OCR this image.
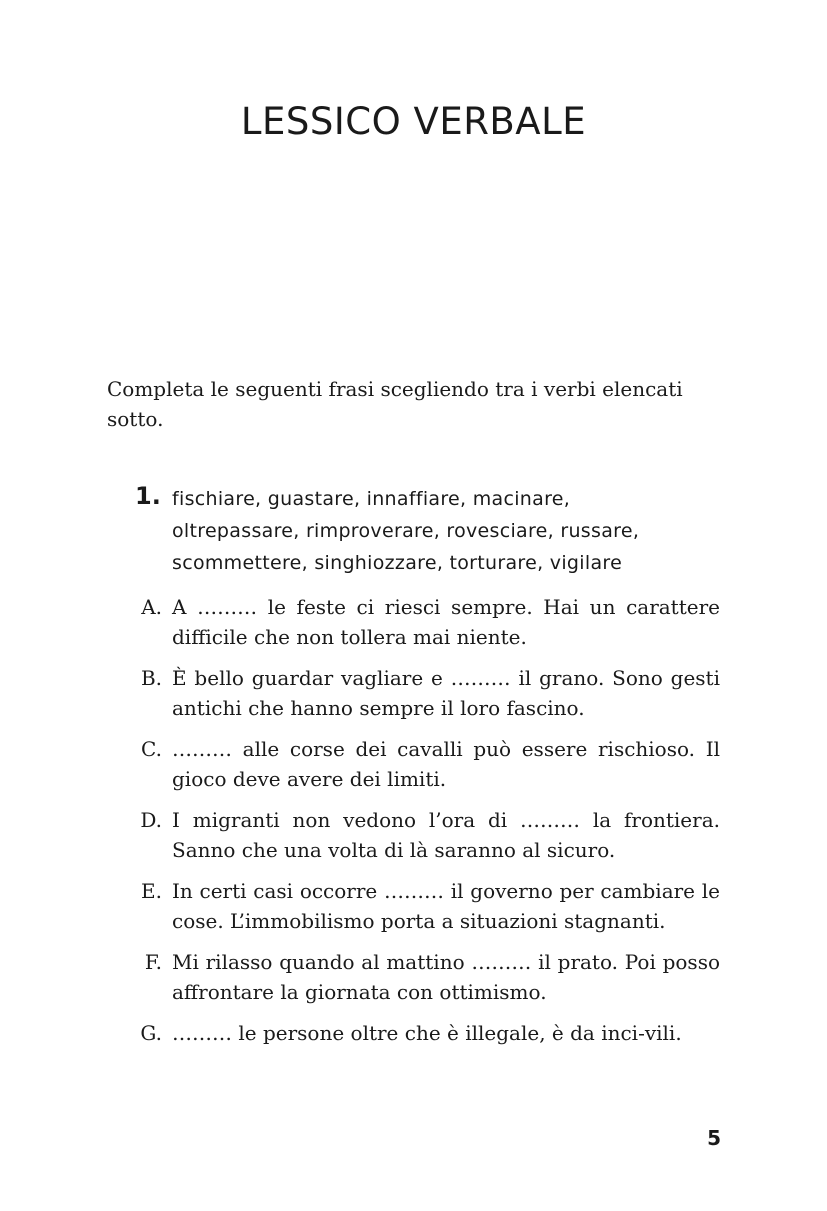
LESSICO VERBALE

Completa le seguenti frasi scegliendo tra i verbi elencati sotto.

1. fischiare, guastare, innaffiare, macinare, oltrepassare, rimproverare, rovesciare, russare, scommettere, singhiozzare, torturare, vigilare

A. A ……… le feste ci riesci sempre. Hai un carattere difficile che non tollera mai niente.
B. È bello guardar vagliare e ……… il grano. Sono gesti antichi che hanno sempre il loro fascino.
C. ……… alle corse dei cavalli può essere rischioso. Il gioco deve avere dei limiti.
D. I migranti non vedono l’ora di ……… la frontiera. Sanno che una volta di là saranno al sicuro.
E. In certi casi occorre ……… il governo per cambiare le cose. L’immobilismo porta a situazioni stagnanti.
F. Mi rilasso quando al mattino ……… il prato. Poi posso affrontare la giornata con ottimismo.
G. ……… le persone oltre che è illegale, è da inci-vili.
5
